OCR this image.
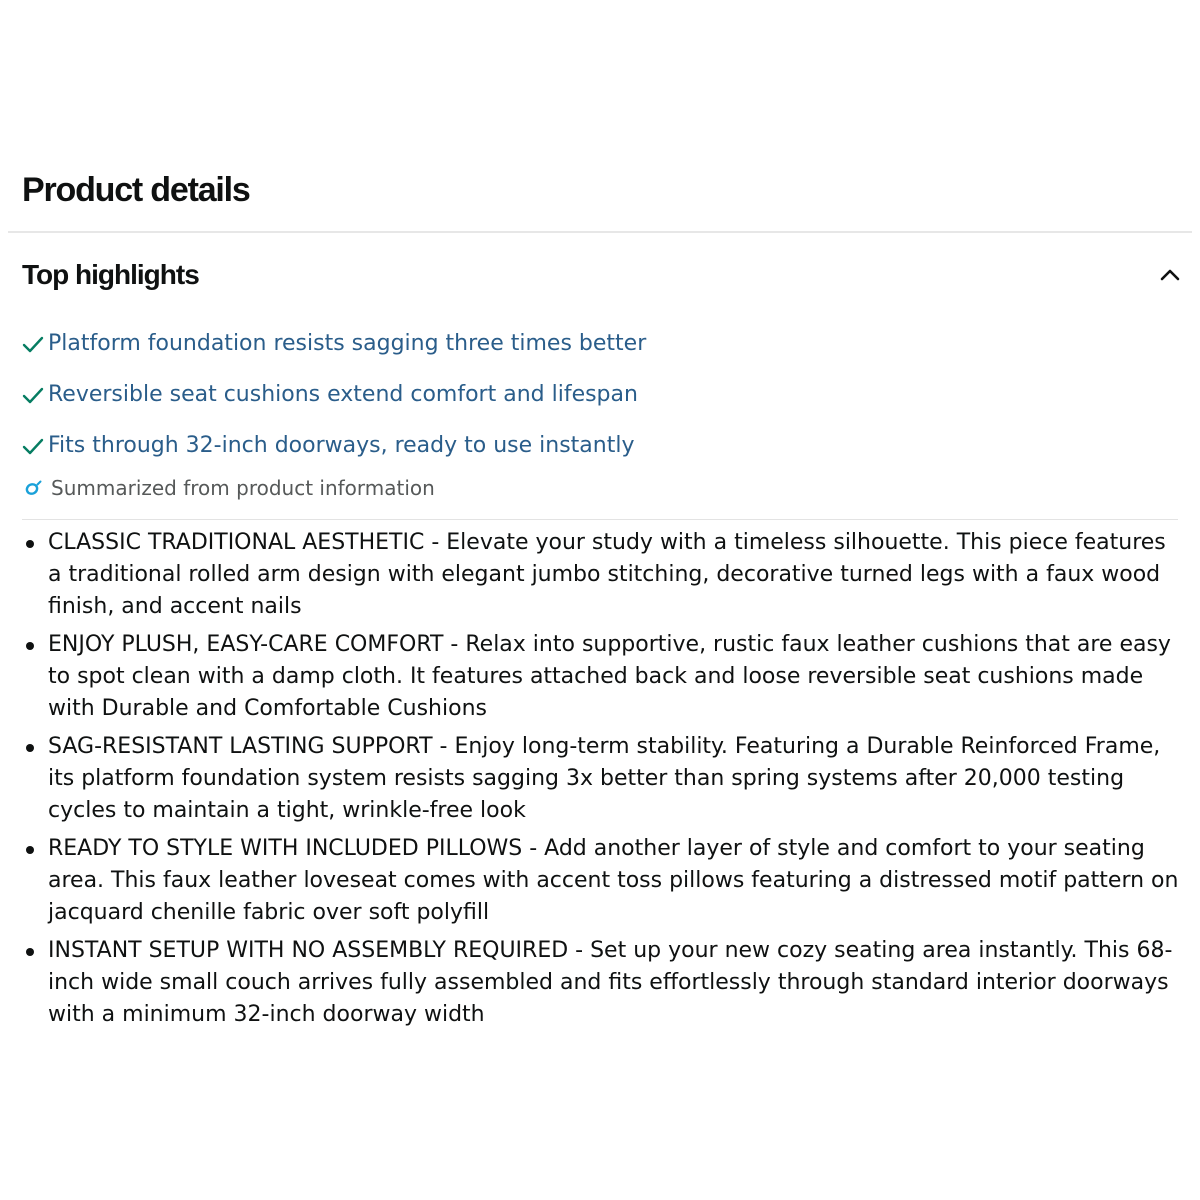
Product details
Top highlights
Platform foundation resists sagging three times better
Reversible seat cushions extend comfort and lifespan
Fits through 32-inch doorways, ready to use instantly
Summarized from product information
CLASSIC TRADITIONAL AESTHETIC - Elevate your study with a timeless silhouette. This piece features a traditional rolled arm design with elegant jumbo stitching, decorative turned legs with a faux wood finish, and accent nails
ENJOY PLUSH, EASY-CARE COMFORT - Relax into supportive, rustic faux leather cushions that are easy to spot clean with a damp cloth. It features attached back and loose reversible seat cushions made with Durable and Comfortable Cushions
SAG-RESISTANT LASTING SUPPORT - Enjoy long-term stability. Featuring a Durable Reinforced Frame, its platform foundation system resists sagging 3x better than spring systems after 20,000 testing cycles to maintain a tight, wrinkle-free look
READY TO STYLE WITH INCLUDED PILLOWS - Add another layer of style and comfort to your seating area. This faux leather loveseat comes with accent toss pillows featuring a distressed motif pattern on jacquard chenille fabric over soft polyfill
INSTANT SETUP WITH NO ASSEMBLY REQUIRED - Set up your new cozy seating area instantly. This 68-inch wide small couch arrives fully assembled and fits effortlessly through standard interior doorways with a minimum 32-inch doorway width
